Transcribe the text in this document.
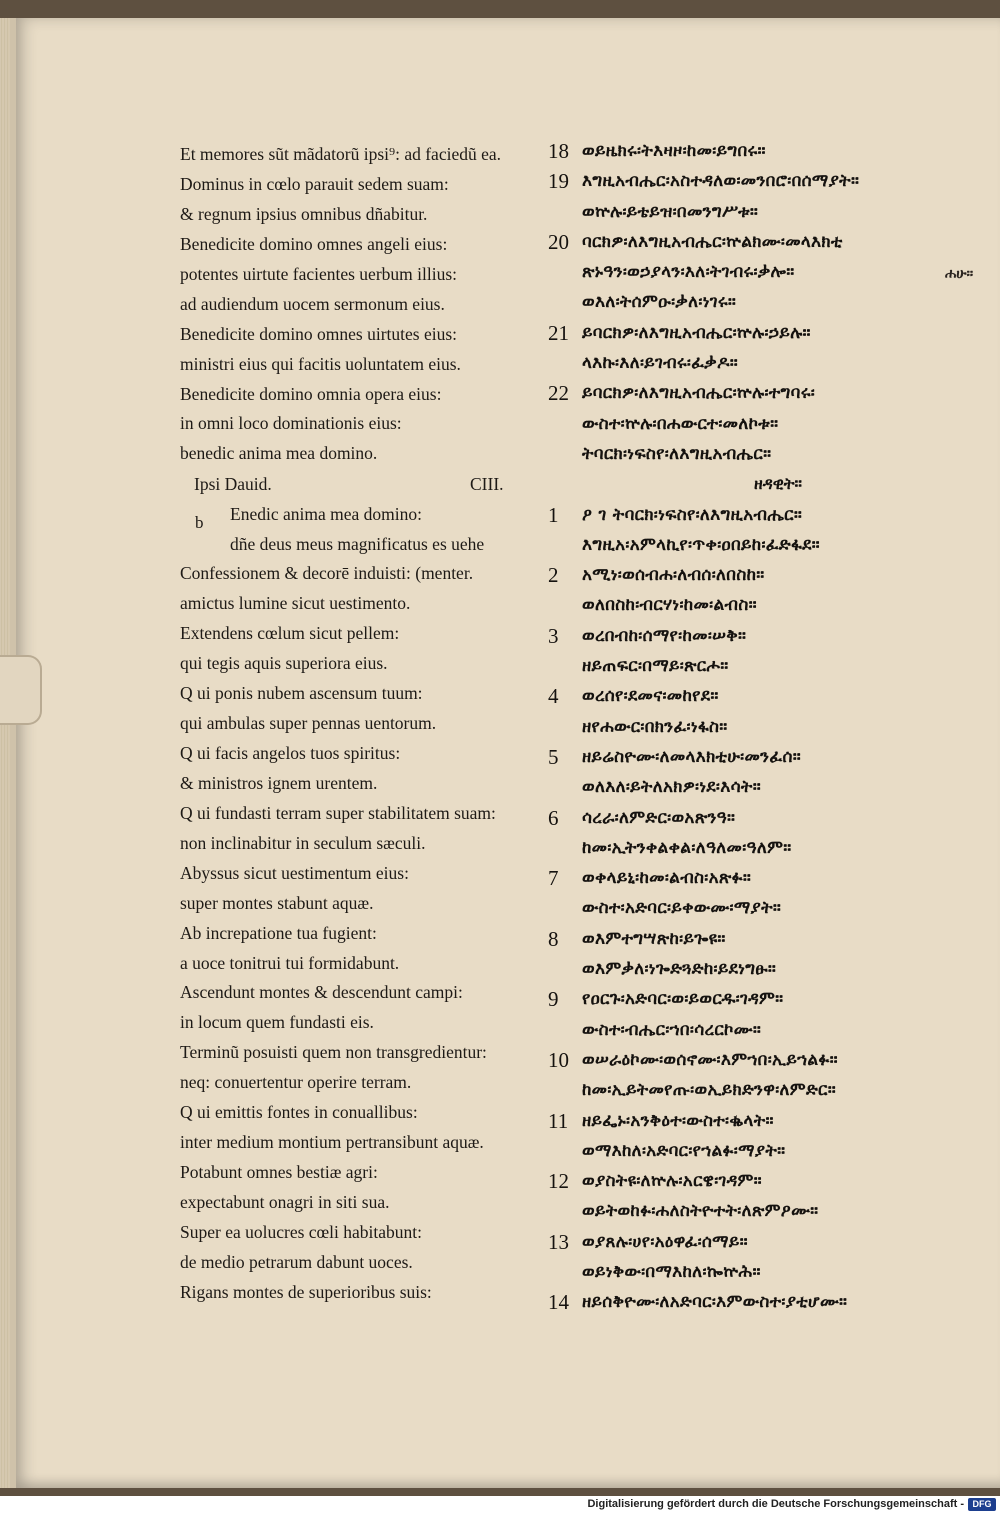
Et memores sũt mãdatorũ ipsi⁹: ad faciedũ ea.
Dominus in cœlo parauit sedem suam:
& regnum ipsius omnibus dñabitur.
Benedicite domino omnes angeli eius:
potentes uirtute facientes uerbum illius:
ad audiendum uocem sermonum eius.
Benedicite domino omnes uirtutes eius:
ministri eius qui facitis uoluntatem eius.
Benedicite domino omnia opera eius:
in omni loco dominationis eius:
benedic anima mea domino.
Ipsi Dauid.	CIII.
b Enedic anima mea domino:
dñe deus meus magnificatus es uehe
Confessionem & decorē induisti: (menter.
amictus lumine sicut uestimento.
Extendens cœlum sicut pellem:
qui tegis aquis superiora eius.
Q ui ponis nubem ascensum tuum:
qui ambulas super pennas uentorum.
Q ui facis angelos tuos spiritus:
& ministros ignem urentem.
Q ui fundasti terram super stabilitatem suam:
non inclinabitur in seculum sæculi.
Abyssus sicut uestimentum eius:
super montes stabunt aquæ.
Ab increpatione tua fugient:
a uoce tonitrui tui formidabunt.
Ascendunt montes & descendunt campi:
in locum quem fundasti eis.
Terminũ posuisti quem non transgredientur:
neq: conuertentur operire terram.
Q ui emittis fontes in conuallibus:
inter medium montium pertransibunt aquæ.
Potabunt omnes bestiæ agri:
expectabunt onagri in siti sua.
Super ea uolucres cœli habitabunt:
de medio petrarum dabunt uoces.
Rigans montes de superioribus suis:
18 ወይዜክሩ፡ትእዛዞ፡ከመ፡ይግበሩ።
19 እግዚአብሔር፡አስተዳለወ፡መንበሮ፡በሰማያት።
ወኵሉ፡ይቴይዝ፡በመንግሥቱ።
20 ባርክዎ፡ለእግዚአብሔር፡ኵልክሙ፡መላእክቲ
ጽኑዓን፡ወኃያላን፡እለ፡ትገብሩ፡ቃሎ።
ወእለ፡ትሰምዑ፡ቃለ፡ነገሩ።
21 ይባርክዎ፡ለእግዚአብሔር፡ኵሉ፡ኃይሉ።
ላእኩ፡እለ፡ይገብሩ፡ፈቃዶ።
22 ይባርክዎ፡ለእግዚአብሔር፡ኵሉ፡ተግባሩ፡
ውስተ፡ኵሉ፡በሐውርተ፡መለኮቱ።
ትባርክ፡ነፍስየ፡ለእግዚአብሔር።
ዘዳዊት።
1	ዖ ገ ትባርክ፡ነፍስየ፡ለእግዚአብሔር።
እግዚአ፡አምላኪየ፡ጥቀ፡ዐበይከ፡ፈድፋደ።
2	አሚነ፡ወሰብሐ፡ለብሰ፡ለበስከ።
ወለበስከ፡ብርሃነ፡ከመ፡ልብስ።
3	ወረበብከ፡ሰማየ፡ከመ፡ሠቅ።
ዘይጠፍር፡በማይ፡ጽርሖ።
4	ወረሰየ፡ደመና፡መከየደ።
ዘየሐውር፡በክንፈ፡ነፋስ።
5	ዘይሬስዮሙ፡ለመላእክቲሁ፡መንፈሰ።
ወለእለ፡ይትለአክዎ፡ነደ፡እሳት።
6	ሳረራ፡ለምድር፡ወአጽንዓ።
ከመ፡ኢትንቀልቀል፡ለዓለመ፡ዓለም።
7	ወቀላይኒ፡ከመ፡ልብስ፡አጽፉ።
ውስተ፡አድባር፡ይቀውሙ፡ማያት።
8	ወእምተግሣጽከ፡ይጐዩ።
ወእምቃለ፡ነጐድጓድከ፡ይደነግፁ።
9	የዐርጉ፡አድባር፡ወ፡ይወርዱ፡ገዳም።
ውስተ፡ብሔር፡ኀበ፡ሳረርኮሙ።
10 ወሠራዕኮሙ፡ወሰኖሙ፡እምኀበ፡ኢይኀልፉ።
ከመ፡ኢይትመየጡ፡ወኢይክድንዋ፡ለምድር።
11 ዘይፌኑ፡አንቅዕተ፡ውስተ፡ቈላት።
ወማእከለ፡አድባር፡የኀልፉ፡ማያት።
12 ወያስትዩ፡ለኵሉ፡አርዌ፡ገዳም።
ወይትወከፉ፡ሐለስትዮተት፡ለጽምዖሙ።
13 ወያጸሉ፡ሀየ፡አዕዋፈ፡ሰማይ።
ወይነቅው፡በማእከለ፡ኰኵሕ።
14 ዘይሰቅዮሙ፡ለአድባር፡እምውስተ፡ያቲሆሙ።
ሐሁ።
Digitalisierung gefördert durch die Deutsche Forschungsgemeinschaft - DFG
